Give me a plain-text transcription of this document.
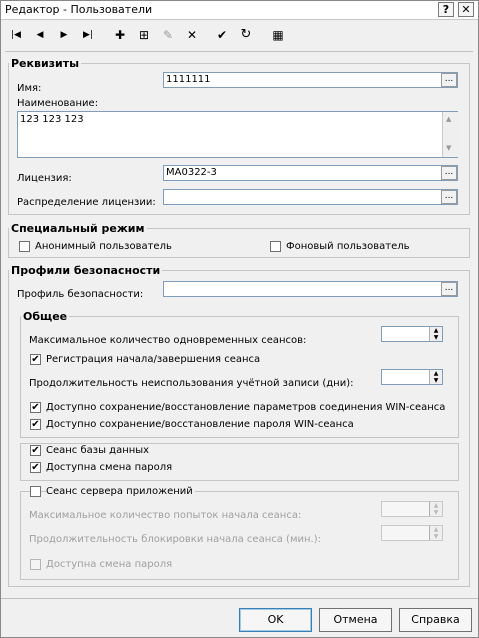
Редактор - Пользователи	?	✕
|◀	◀	▶	▶|	✚	⊞	✎	✕	✔	↻ ▦
Реквизиты
Имя:
1111111	...
Наименование:
123 123 123	▲
▼
Лицензия:
MA0322-3	...
Распределение лицензии:
...
Специальный режим
Анонимный пользователь	Фоновый пользователь
Профили безопасности
Профиль безопасности:
...
Общее
Максимальное количество одновременных сеансов:
▲
▼
✔ Регистрация начала/завершения сеанса
Продолжительность неиспользования учётной записи (дни):
▲
▼
✔ Доступно сохранение/восстановление параметров соединения WIN-сеанса
✔ Доступно сохранение/восстановление пароля WIN-сеанса
✔ Сеанс базы данных
✔ Доступна смена пароля
Сеанс сервера приложений
Максимальное количество попыток начала сеанса:
▲
▼
Продолжительность блокировки начала сеанса (мин.):
▲
▼
Доступна смена пароля
OK	Отмена	Справка
